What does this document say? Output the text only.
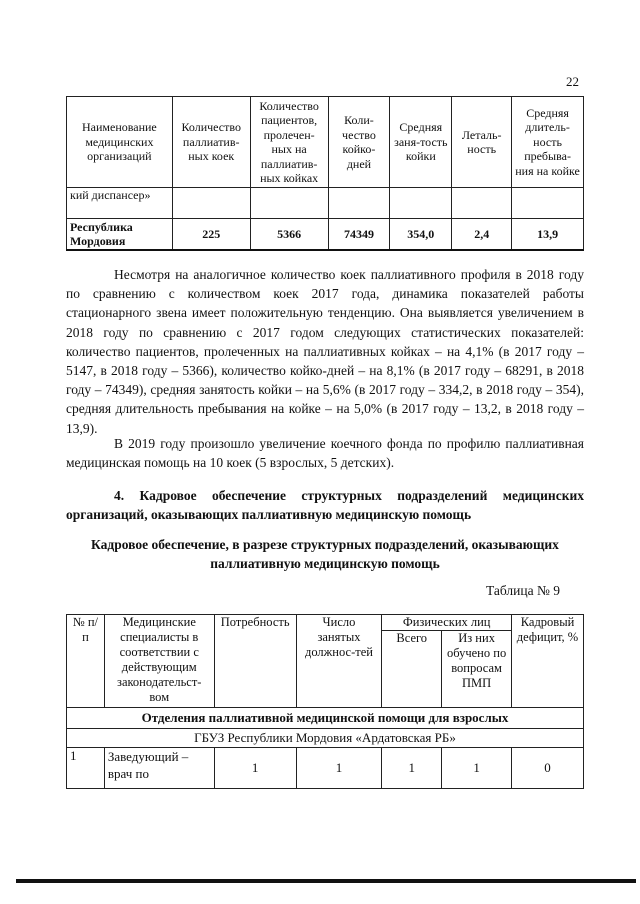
22
Наименование медицинских организаций	Количество паллиатив-ных коек	Количество пациентов, пролечен-ных на паллиатив-ных койках	Коли-чество койко-дней	Средняя заня-тость койки	Леталь-ность	Средняя длитель-ность пребыва-ния на койке
кий диспансер»						
Республика Мордовия	225	5366	74349	354,0	2,4	13,9

Несмотря на аналогичное количество коек паллиативного профиля в 2018 году по сравнению с количеством коек 2017 года, динамика показателей работы стационарного звена имеет положительную тенденцию. Она выявляется увеличением в 2018 году по сравнению с 2017 годом следующих статистических показателей: количество пациентов, пролеченных на паллиативных койках – на 4,1% (в 2017 году – 5147, в 2018 году – 5366), количество койко-дней – на 8,1% (в 2017 году – 68291, в 2018 году – 74349), средняя занятость койки – на 5,6% (в 2017 году – 334,2, в 2018 году – 354), средняя длительность пребывания на койке – на 5,0% (в 2017 году – 13,2, в 2018 году – 13,9).

В 2019 году произошло увеличение коечного фонда по профилю паллиативная медицинская помощь на 10 коек (5 взрослых, 5 детских).

4. Кадровое обеспечение структурных подразделений медицинских организаций, оказывающих паллиативную медицинскую помощь

Кадровое обеспечение, в разрезе структурных подразделений, оказывающих паллиативную медицинскую помощь

Таблица № 9
№ п/п	Медицинские специалисты в соответствии с действующим законодательст-вом	Потребность	Число занятых должнос-тей	Физических лиц		Кадровый дефицит, %
				Всего	Из них обучено по вопросам ПМП	
Отделения паллиативной медицинской помощи для взрослых						
ГБУЗ Республики Мордовия «Ардатовская РБ»						
1	Заведующий – врач по	1	1	1	1	0
